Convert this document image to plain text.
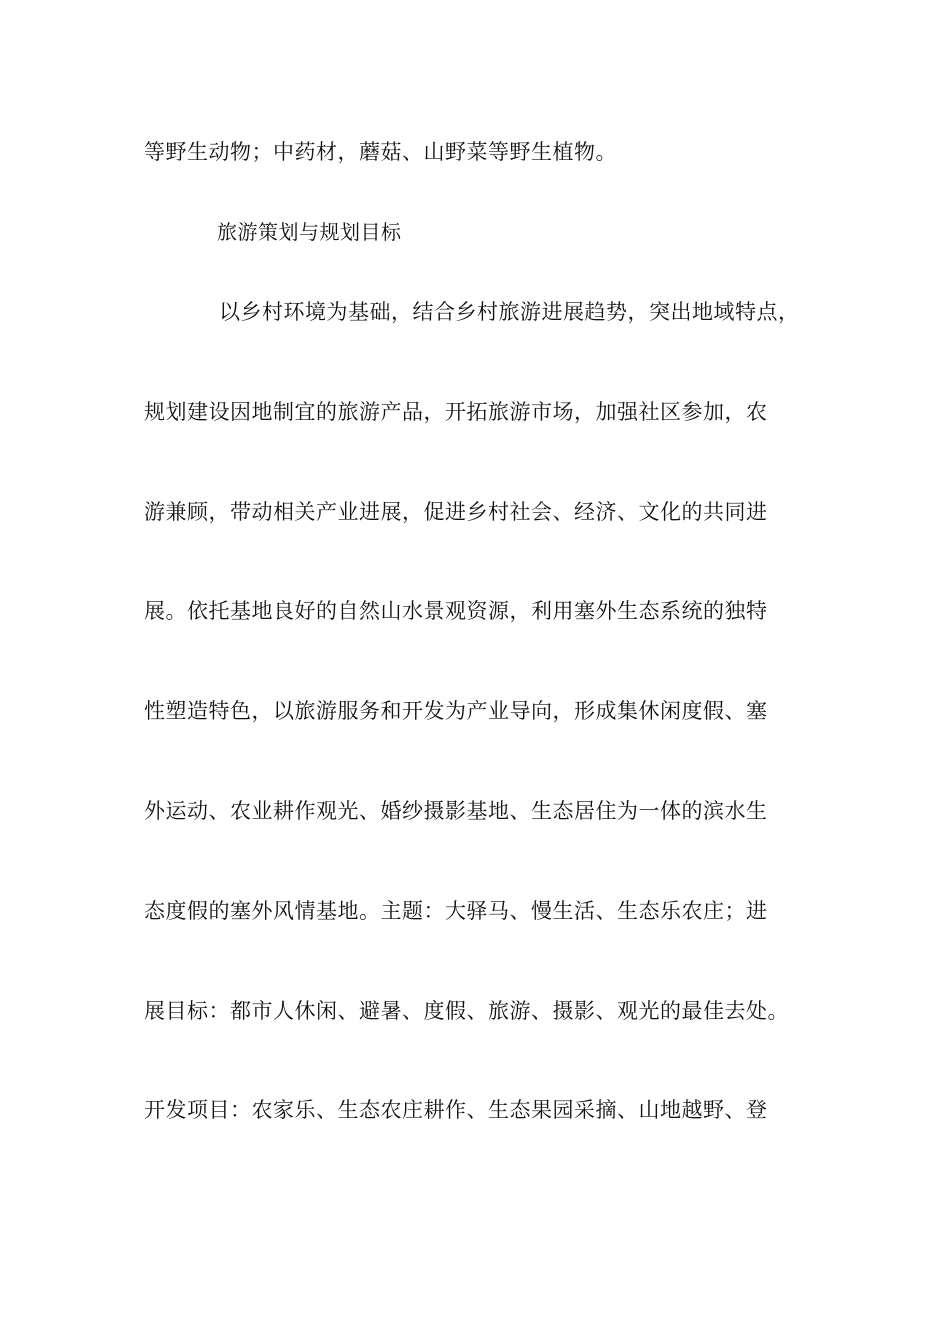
等野生动物；中药材，蘑菇、山野菜等野生植物。
旅游策划与规划目标
以乡村环境为基础，结合乡村旅游进展趋势，突出地域特点，
规划建设因地制宜的旅游产品，开拓旅游市场，加强社区参加，农
游兼顾，带动相关产业进展，促进乡村社会、经济、文化的共同进
展。依托基地良好的自然山水景观资源，利用塞外生态系统的独特
性塑造特色，以旅游服务和开发为产业导向，形成集休闲度假、塞
外运动、农业耕作观光、婚纱摄影基地、生态居住为一体的滨水生
态度假的塞外风情基地。主题：大驿马、慢生活、生态乐农庄；进
展目标：都市人休闲、避暑、度假、旅游、摄影、观光的最佳去处。
开发项目：农家乐、生态农庄耕作、生态果园采摘、山地越野、登
